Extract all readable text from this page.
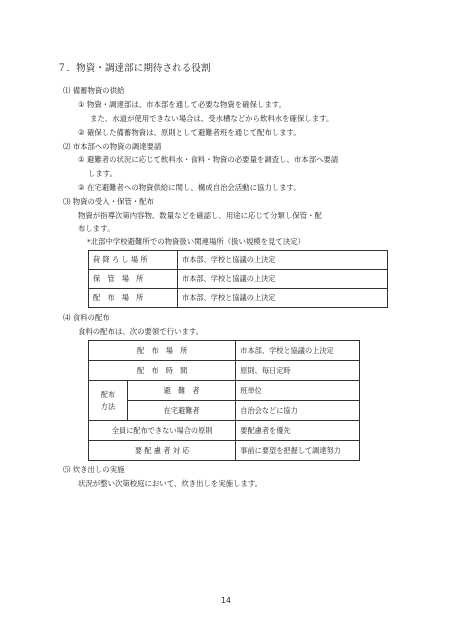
７．物資・調達部に期待される役割
⑴ 備蓄物資の供給
① 物資・調達部は、市本部を通して必要な物資を確保します。
また、水道が使用できない場合は、受水槽などから飲料水を確保します。
② 確保した備蓄物資は、原則として避難者班を通じて配布します。
⑵ 市本部への物資の調達要請
① 避難者の状況に応じて飲料水・食料・物資の必要量を調査し、市本部へ要請
します。
② 在宅避難者への物資供給に関し、構成自治会活動に協力します。
⑶ 物資の受入・保管・配布
物資が指導次第内容物、数量などを確認し、用途に応じて分類し保管・配
布します。
*北部中学校避難所での物資扱い関連場所（扱い規模を見て決定）
荷 降 ろ し 場 所	市本部、学校と協議の上決定
保　管　場　所	市本部、学校と協議の上決定
配　布　場　所	市本部、学校と協議の上決定
⑷ 食料の配布
食料の配布は、次の要領で行います。
配　布　場　所		市本部、学校と協議の上決定
配　布　時　間		原則、毎日定時
配布
方法	避　難　者	班単位
	在宅避難者	自治会などに協力
全員に配布できない場合の原則		要配慮者を優先
要 配 慮 者 対 応		事前に要望を把握して調達努力
⑸ 炊き出しの実施
状況が整い次第校庭において、炊き出しを実施します。
14
